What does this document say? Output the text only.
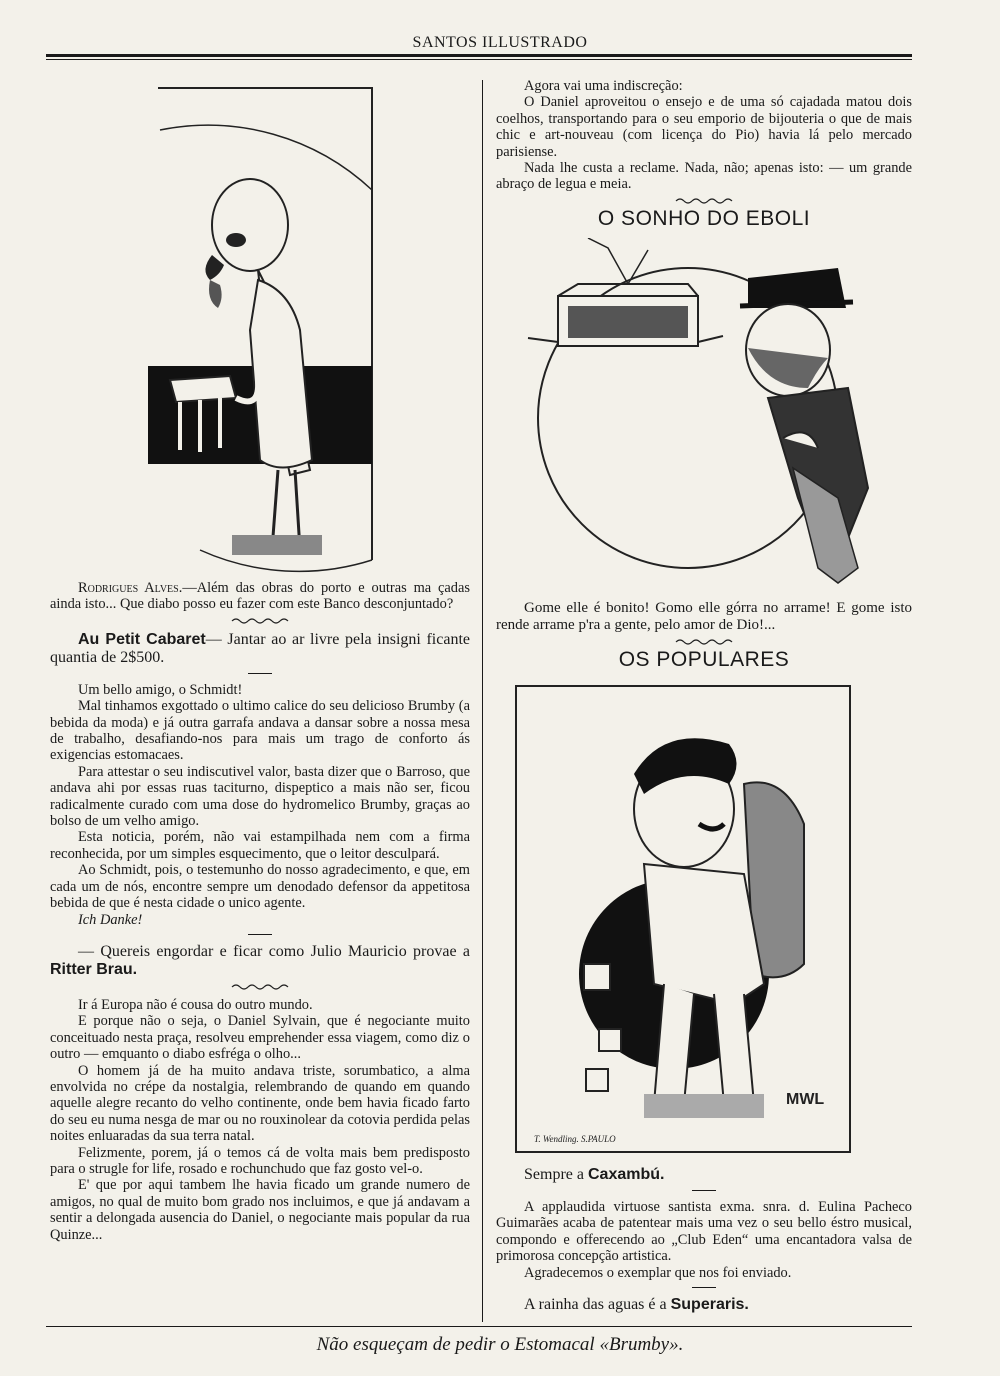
SANTOS ILLUSTRADO

Rodrigues Alves.—Além das obras do porto e outras ma çadas ainda isto... Que diabo posso eu fazer com este Banco desconjuntado?

Au Petit Cabaret— Jantar ao ar livre pela insigni ficante quantia de 2$500.

Um bello amigo, o Schmidt!

Mal tinhamos exgottado o ultimo calice do seu delicioso Brumby (a bebida da moda) e já outra garrafa andava a dansar sobre a nossa mesa de trabalho, desafiando-nos para mais um trago de conforto ás exigencias estomacaes.

Para attestar o seu indiscutivel valor, basta dizer que o Barroso, que andava ahi por essas ruas taciturno, dispeptico a mais não ser, ficou radicalmente curado com uma dose do hydromelico Brumby, graças ao bolso de um velho amigo.

Esta noticia, porém, não vai estampilhada nem com a firma reconhecida, por um simples esquecimento, que o leitor desculpará.

Ao Schmidt, pois, o testemunho do nosso agradecimento, e que, em cada um de nós, encontre sempre um denodado defensor da appetitosa bebida de que é nesta cidade o unico agente.

Ich Danke!

— Quereis engordar e ficar como Julio Mauricio provae a Ritter Brau.

Ir á Europa não é cousa do outro mundo.

E porque não o seja, o Daniel Sylvain, que é negociante muito conceituado nesta praça, resolveu emprehender essa viagem, como diz o outro — emquanto o diabo esfrégа o olho...

O homem já de ha muito andava triste, sorumbatico, a alma envolvida no crépe da nostalgia, relembrando de quando em quando aquelle alegre recanto do velho continente, onde bem havia ficado farto do seu eu numa nesga de mar ou no rouxinolear da cotovia perdida pelas noites enluaradas da sua terra natal.

Felizmente, porem, já o temos cá de volta mais bem predisposto para o strugle for life, rosado e rochunchudo que faz gosto vel-o.

E' que por aqui tambem lhe havia ficado um grande numero de amigos, no qual de muito bom grado nos incluimos, e que já andavam a sentir a delongada ausencia do Daniel, o negociante mais popular da rua Quinze...

Agora vai uma indiscreção:

O Daniel aproveitou o ensejo e de uma só cajadada matou dois coelhos, transportando para o seu emporio de bijouteria o que de mais chic e art-nouveau (com licença do Pio) havia lá pelo mercado parisiense.

Nada lhe custa a reclame. Nada, não; apenas isto: — um grande abraço de legua e meia.

O SONHO DO EBOLI

Gome elle é bonito! Gomo elle górra no arrame! E gome isto rende arrame p'ra a gente, pelo amor de Dio!...

OS POPULARES
T. Wendling. S.PAULO
MWL

Sempre a Caxambú.

A applaudida virtuose santista exma. snra. d. Eulina Pacheco Guimarães acaba de patentear mais uma vez o seu bello éstro musical, compondo e offerecendo ao „Club Eden“ uma encantadora valsa de primorosa concepção artistica.

Agradecemos o exemplar que nos foi enviado.

A rainha das aguas é a Superaris.

Não esqueçam de pedir o Estomacal «Brumby».
